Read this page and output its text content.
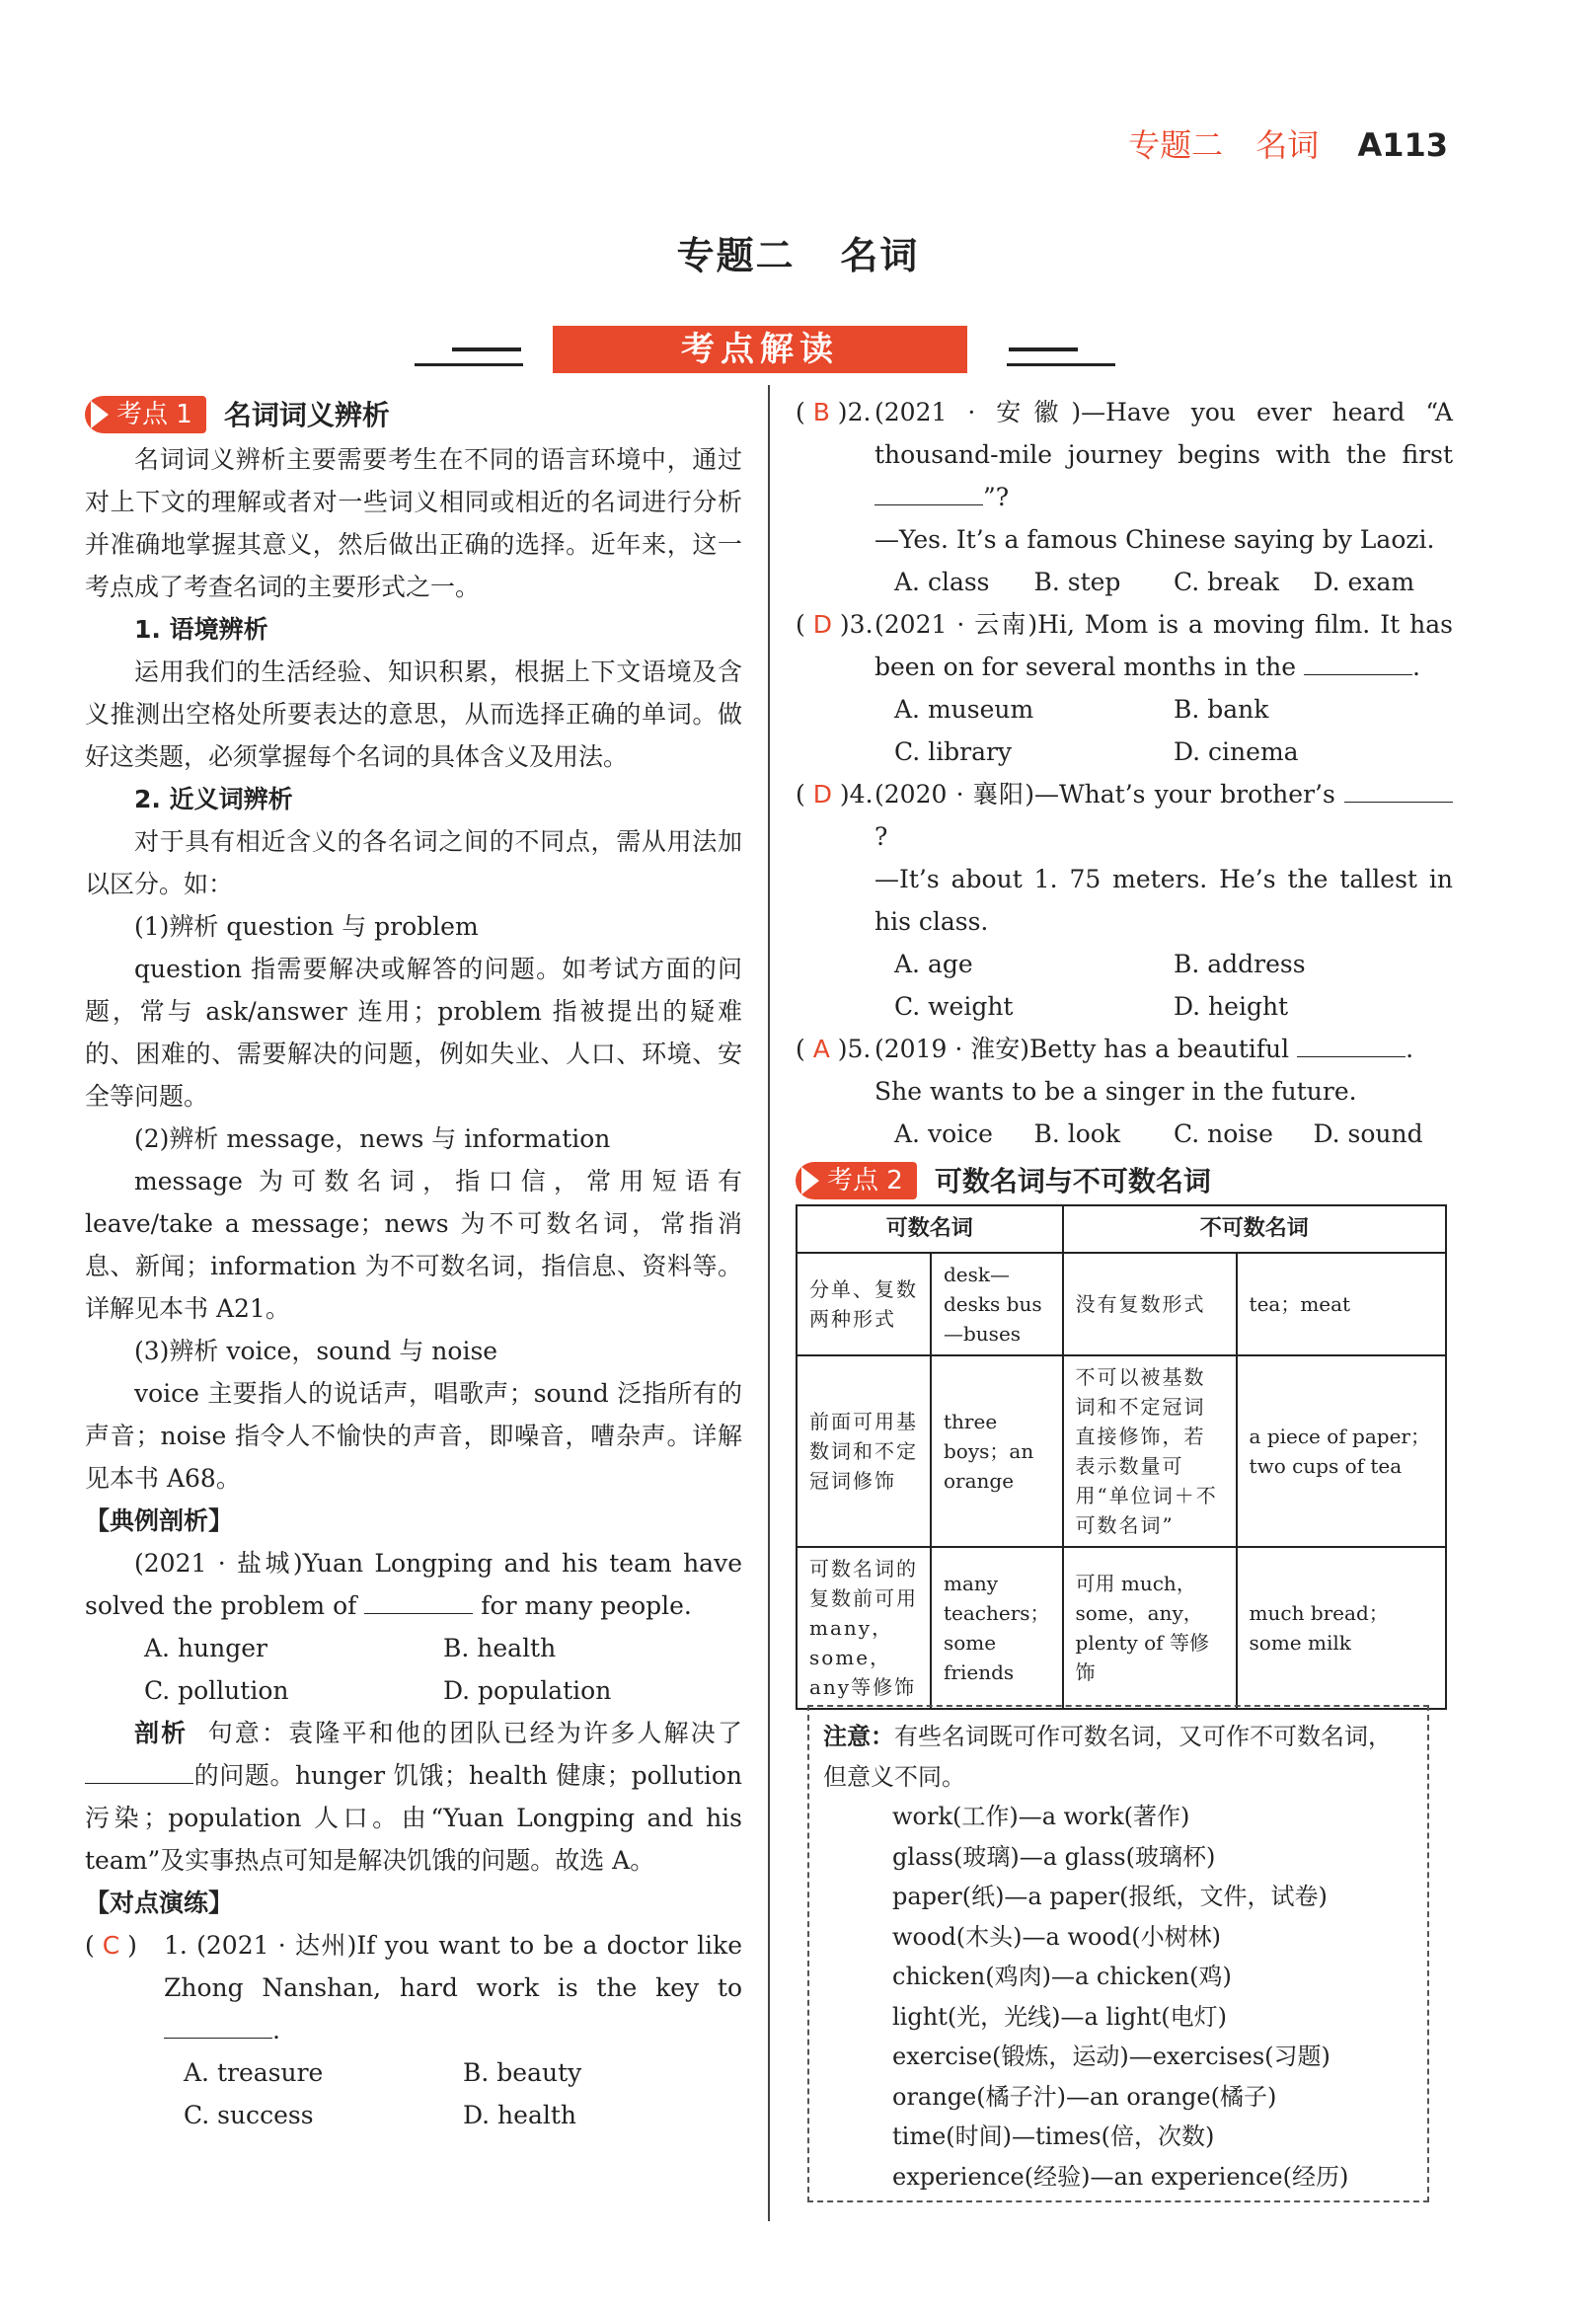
专题二 名词 A113
专题二   名词
考点解读
考点 1 名词词义辨析

名词词义辨析主要需要考生在不同的语言环境中，通过对上下文的理解或者对一些词义相同或相近的名词进行分析并准确地掌握其意义，然后做出正确的选择。近年来，这一考点成了考查名词的主要形式之一。

1. 语境辨析

运用我们的生活经验、知识积累，根据上下文语境及含义推测出空格处所要表达的意思，从而选择正确的单词。做好这类题，必须掌握每个名词的具体含义及用法。

2. 近义词辨析

对于具有相近含义的各名词之间的不同点，需从用法加以区分。如：

(1)辨析 question 与 problem

question 指需要解决或解答的问题。如考试方面的问题，常与 ask/answer 连用；problem 指被提出的疑难的、困难的、需要解决的问题，例如失业、人口、环境、安全等问题。

(2)辨析 message，news 与 information

message 为可数名词，指口信，常用短语有 leave/take a message；news 为不可数名词，常指消息、新闻；information 为不可数名词，指信息、资料等。详解见本书 A21。

(3)辨析 voice，sound 与 noise

voice 主要指人的说话声，唱歌声；sound 泛指所有的声音；noise 指令人不愉快的声音，即噪音，嘈杂声。详解见本书 A68。

【典例剖析】

(2021 · 盐城)Yuan Longping and his team have solved the problem of	for many people.

A. hunger	B. health
C. pollution	D. population

剖析 句意：袁隆平和他的团队已经为许多人解决了的问题。hunger 饥饿；health 健康；pollution 污染；population 人口。由“Yuan Longping and his team”及实事热点可知是解决饥饿的问题。故选 A。

【对点演练】

( C )	1. (2021 · 达州)If you want to be a doctor like Zhong Nanshan, hard work is the key to .
A. treasure	B. beauty
C. success	D. health
( B )2. (2021 · 安徽)—Have you ever heard “A thousand-mile journey begins with the first ”?
—Yes. It’s a famous Chinese saying by Laozi.
A. class	B. step	C. break	D. exam
( D )3. (2021 · 云南)Hi, Mom is a moving film. It has been on for several months in the	.
A. museum	B. bank
C. library	D. cinema
( D )4. (2020 · 襄阳)—What’s your brother’s ?
—It’s about 1. 75 meters. He’s the tallest in his class.
A. age	B. address
C. weight	D. height
( A )5. (2019 · 淮安)Betty has a beautiful	.
She wants to be a singer in the future.
A. voice	B. look	C. noise	D. sound
考点 2 可数名词与不可数名词
可数名词		不可数名词	
分单、复数两种形式	desk—desks bus—buses	没有复数形式	tea；meat
前面可用基数词和不定冠词修饰	three boys；an orange	不可以被基数词和不定冠词直接修饰，若表示数量可用“单位词＋不可数名词”	a piece of paper；two cups of tea
可数名词的复数前可用many，some，any等修饰	many teachers；some friends	可用 much，some，any，plenty of 等修饰	much bread；some milk
注意：有些名词既可作可数名词，又可作不可数名词，但意义不同。
work(工作)—a work(著作)
glass(玻璃)—a glass(玻璃杯)
paper(纸)—a paper(报纸，文件，试卷)
wood(木头)—a wood(小树林)
chicken(鸡肉)—a chicken(鸡)
light(光，光线)—a light(电灯)
exercise(锻炼，运动)—exercises(习题)
orange(橘子汁)—an orange(橘子)
time(时间)—times(倍，次数)
experience(经验)—an experience(经历)
